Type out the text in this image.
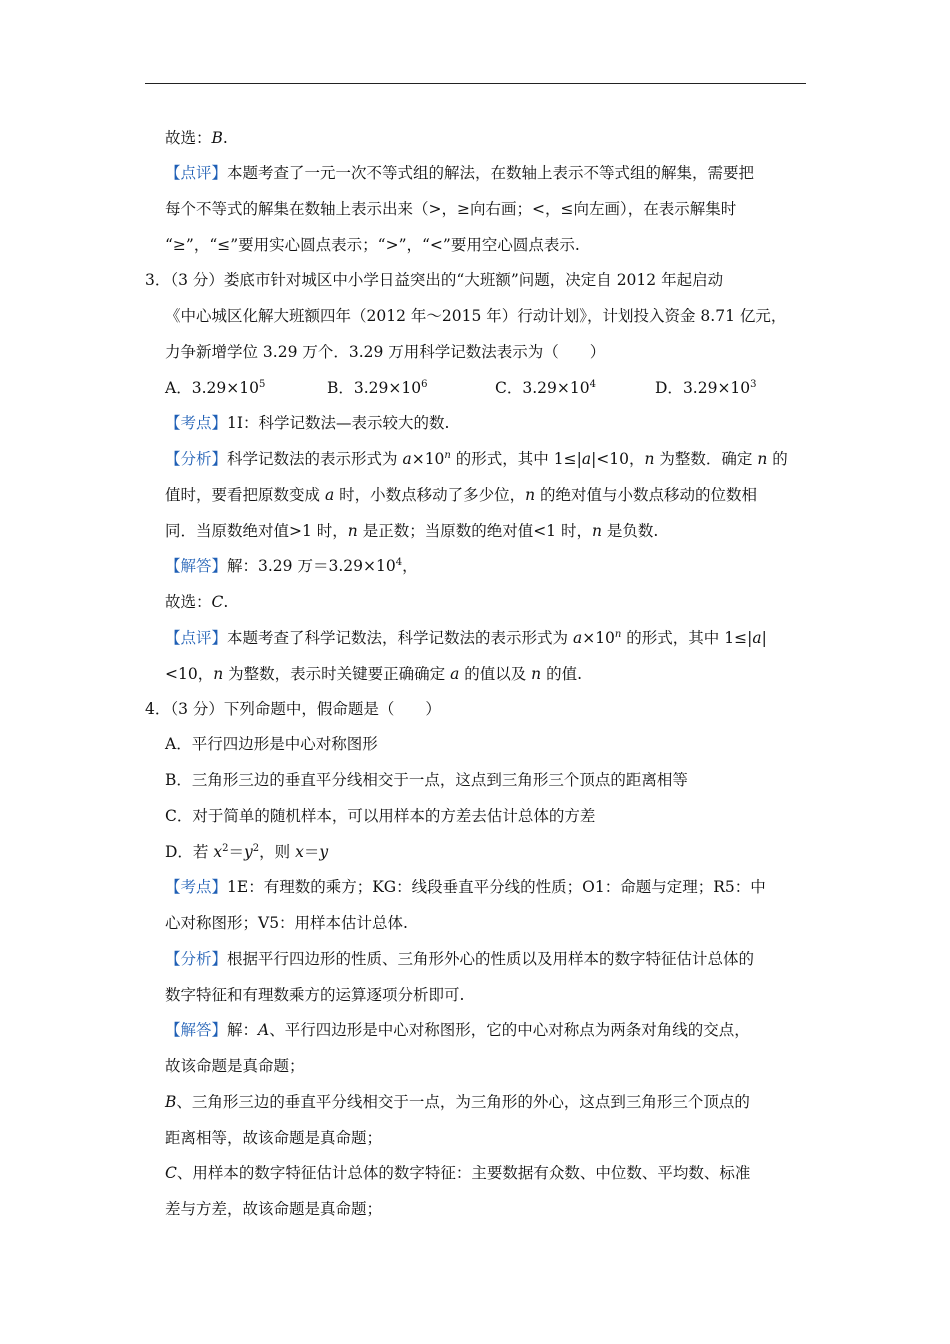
故选：B.
【点评】本题考查了一元一次不等式组的解法，在数轴上表示不等式组的解集，需要把
每个不等式的解集在数轴上表示出来（>，≥向右画；<，≤向左画），在表示解集时
“≥”，“≤”要用实心圆点表示；“>”，“<”要用空心圆点表示.
3．（3 分）娄底市针对城区中小学日益突出的“大班额”问题，决定自 2012 年起启动
《中心城区化解大班额四年（2012 年～2015 年）行动计划》，计划投入资金 8.71 亿元，
力争新增学位 3.29 万个．3.29 万用科学记数法表示为（　　）
A．$3.29\times 10^5$	B．$3.29\times 10^6$	C．$3.29\times 10^4$	D．$3.29\times 10^3$
【考点】1I：科学记数法—表示较大的数.
【分析】科学记数法的表示形式为 $a\times 10^n$ 的形式，其中 1≤|a|<10，n 为整数．确定 n 的
值时，要看把原数变成 a 时，小数点移动了多少位，n 的绝对值与小数点移动的位数相
同．当原数绝对值>1 时，n 是正数；当原数的绝对值<1 时，n 是负数.
【解答】解：3.29 万$=3.29\times 10^4$，
故选：C.
【点评】本题考查了科学记数法，科学记数法的表示形式为 $a\times 10^n$ 的形式，其中 1≤|a|
<10，n 为整数，表示时关键要正确确定 a 的值以及 n 的值.
4．（3 分）下列命题中，假命题是（　　）
A．平行四边形是中心对称图形
B．三角形三边的垂直平分线相交于一点，这点到三角形三个顶点的距离相等
C．对于简单的随机样本，可以用样本的方差去估计总体的方差
D．若 $x^2=y^2$，则 x＝y
【考点】1E：有理数的乘方；KG：线段垂直平分线的性质；O1：命题与定理；R5：中
心对称图形；V5：用样本估计总体.
【分析】根据平行四边形的性质、三角形外心的性质以及用样本的数字特征估计总体的
数字特征和有理数乘方的运算逐项分析即可.
【解答】解：A、平行四边形是中心对称图形，它的中心对称点为两条对角线的交点，
故该命题是真命题；
B、三角形三边的垂直平分线相交于一点，为三角形的外心，这点到三角形三个顶点的
距离相等，故该命题是真命题；
C、用样本的数字特征估计总体的数字特征：主要数据有众数、中位数、平均数、标准
差与方差，故该命题是真命题；
